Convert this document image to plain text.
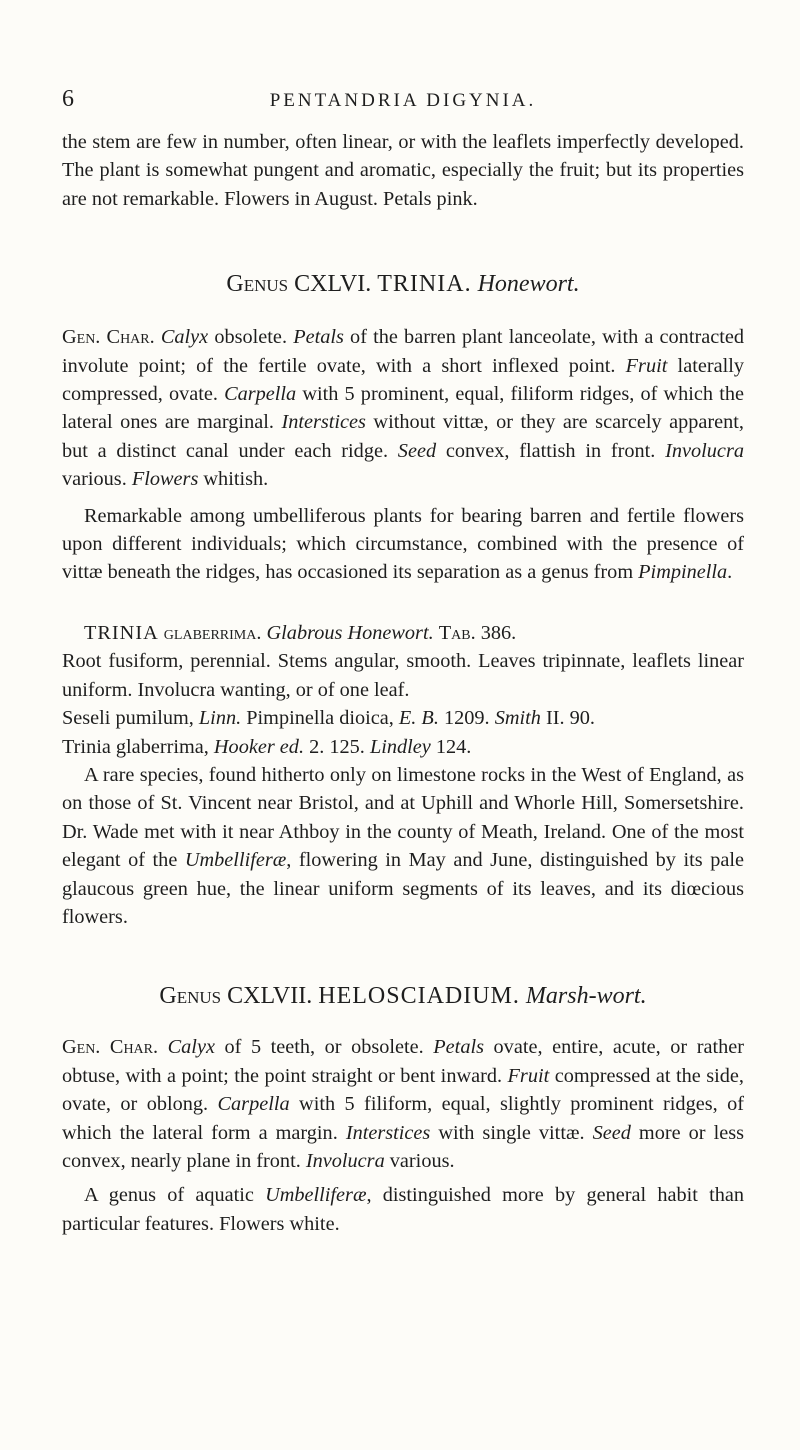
6	PENTANDRIA DIGYNIA.

the stem are few in number, often linear, or with the leaflets imperfectly developed. The plant is somewhat pungent and aromatic, especially the fruit; but its properties are not remarkable. Flowers in August. Petals pink.

Genus CXLVI. TRINIA. Honewort.

Gen. Char. Calyx obsolete. Petals of the barren plant lanceolate, with a contracted involute point; of the fertile ovate, with a short inflexed point. Fruit laterally compressed, ovate. Carpella with 5 prominent, equal, filiform ridges, of which the lateral ones are marginal. Interstices without vittæ, or they are scarcely apparent, but a distinct canal under each ridge. Seed convex, flattish in front. Involucra various. Flowers whitish.

Remarkable among umbelliferous plants for bearing barren and fertile flowers upon different individuals; which circumstance, combined with the presence of vittæ beneath the ridges, has occasioned its separation as a genus from Pimpinella.

TRINIA glaberrima. Glabrous Honewort. Tab. 386.

Root fusiform, perennial. Stems angular, smooth. Leaves tripinnate, leaflets linear uniform. Involucra wanting, or of one leaf.

Seseli pumilum, Linn. Pimpinella dioica, E. B. 1209. Smith II. 90.

Trinia glaberrima, Hooker ed. 2. 125. Lindley 124.

A rare species, found hitherto only on limestone rocks in the West of England, as on those of St. Vincent near Bristol, and at Uphill and Whorle Hill, Somersetshire. Dr. Wade met with it near Athboy in the county of Meath, Ireland. One of the most elegant of the Umbelliferæ, flowering in May and June, distinguished by its pale glaucous green hue, the linear uniform segments of its leaves, and its diœcious flowers.

Genus CXLVII. HELOSCIADIUM. Marsh-wort.

Gen. Char. Calyx of 5 teeth, or obsolete. Petals ovate, entire, acute, or rather obtuse, with a point; the point straight or bent inward. Fruit compressed at the side, ovate, or oblong. Carpella with 5 filiform, equal, slightly prominent ridges, of which the lateral form a margin. Interstices with single vittæ. Seed more or less convex, nearly plane in front. Involucra various.

A genus of aquatic Umbelliferæ, distinguished more by general habit than particular features. Flowers white.
